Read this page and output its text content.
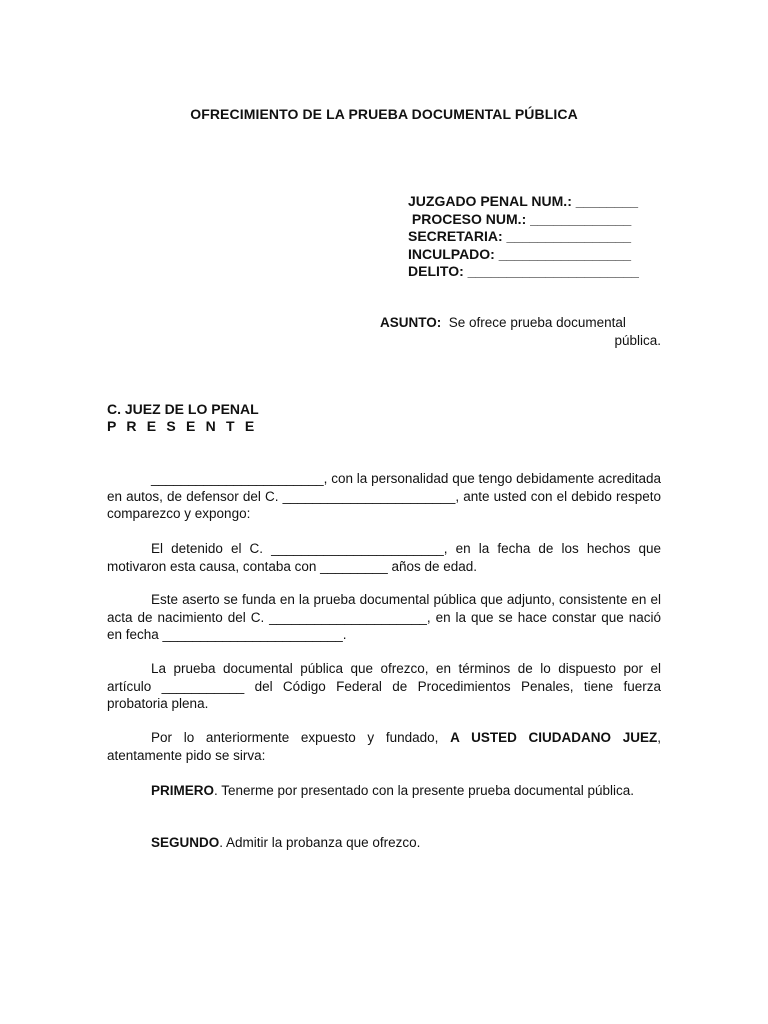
OFRECIMIENTO DE LA PRUEBA DOCUMENTAL PÚBLICA
JUZGADO PENAL NUM.: ________
PROCESO NUM.: _____________
SECRETARIA: ________________
INCULPADO: _________________
DELITO: ______________________
ASUNTO: Se ofrece prueba documental
pública.
C. JUEZ DE LO PENAL
P R E S E N T E
_______________________, con la personalidad que tengo debidamente acreditada en autos, de defensor del C. _______________________, ante usted con el debido respeto comparezco y expongo:
El detenido el C. _______________________, en la fecha de los hechos que motivaron esta causa, contaba con _________ años de edad.
Este aserto se funda en la prueba documental pública que adjunto, consistente en el acta de nacimiento del C. _____________________, en la que se hace constar que nació en fecha ________________________.
La prueba documental pública que ofrezco, en términos de lo dispuesto por el artículo ___________ del Código Federal de Procedimientos Penales, tiene fuerza probatoria plena.
Por lo anteriormente expuesto y fundado, A USTED CIUDADANO JUEZ, atentamente pido se sirva:
PRIMERO. Tenerme por presentado con la presente prueba documental pública.
SEGUNDO. Admitir la probanza que ofrezco.
